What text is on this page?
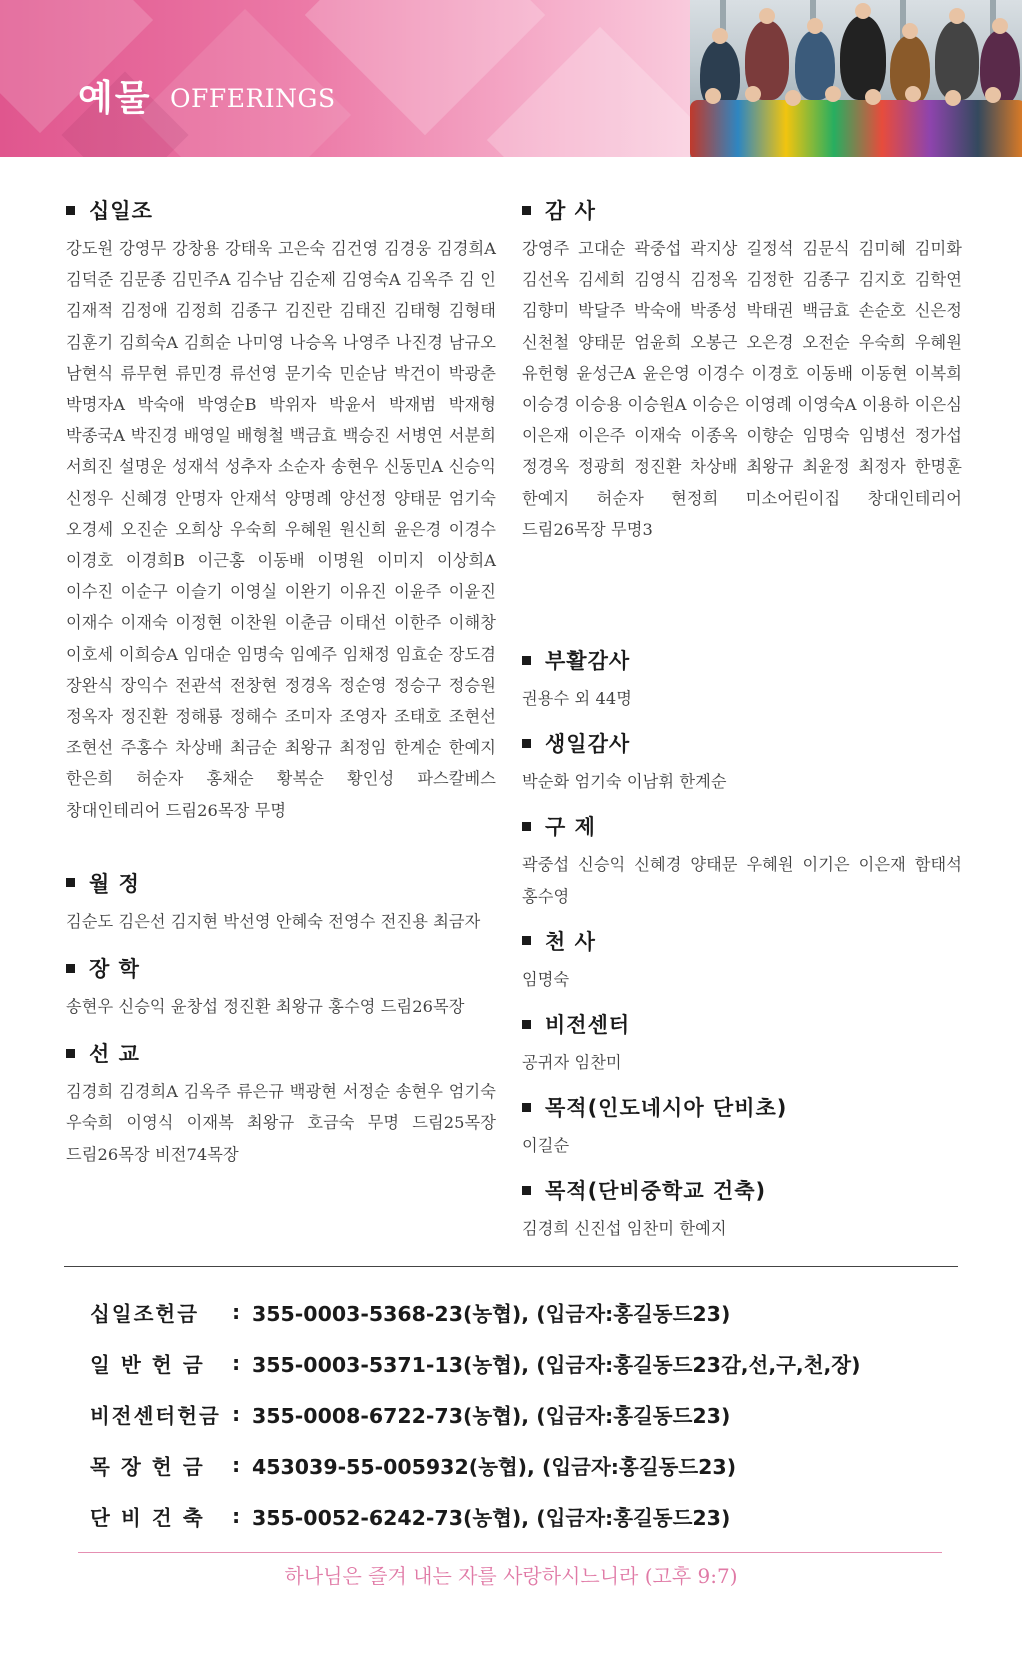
예물 OFFERINGS
십일조
강도원 강영무 강창용 강태욱 고은숙 김건영 김경웅 김경희A 김덕준 김문종 김민주A 김수남 김순제 김영숙A 김옥주 김 인 김재적 김정애 김정희 김종구 김진란 김태진 김태형 김형태 김훈기 김희숙A 김희순 나미영 나승옥 나영주 나진경 남규오 남현식 류무현 류민경 류선영 문기숙 민순남 박건이 박광춘 박명자A 박숙애 박영순B 박위자 박윤서 박재범 박재형 박종국A 박진경 배영일 배형철 백금효 백승진 서병연 서분희 서희진 설명운 성재석 성추자 소순자 송현우 신동민A 신승익 신정우 신혜경 안명자 안재석 양명례 양선정 양태문 엄기숙 오경세 오진순 오희상 우숙희 우혜원 원신희 윤은경 이경수 이경호 이경희B 이근홍 이동배 이명원 이미지 이상희A 이수진 이순구 이슬기 이영실 이완기 이유진 이윤주 이윤진 이재수 이재숙 이정현 이찬원 이춘금 이태선 이한주 이해창 이호세 이희승A 임대순 임명숙 임예주 임채정 임효순 장도겸 장완식 장익수 전관석 전창현 정경옥 정순영 정승구 정승원 정옥자 정진환 정해룡 정해수 조미자 조영자 조태호 조현선 조현선 주홍수 차상배 최금순 최왕규 최정임 한계순 한예지 한은희 허순자 홍채순 황복순 황인성 파스칼베스 창대인테리어 드림26목장 무명
월 정
김순도 김은선 김지현 박선영 안혜숙 전영수 전진용 최금자
장 학
송현우 신승익 윤창섭 정진환 최왕규 홍수영 드림26목장
선 교
김경희 김경희A 김옥주 류은규 백광현 서정순 송현우 엄기숙 우숙희 이영식 이재복 최왕규 호금숙 무명 드림25목장 드림26목장 비전74목장
감 사
강영주 고대순 곽중섭 곽지상 길정석 김문식 김미혜 김미화 김선옥 김세희 김영식 김정옥 김정한 김종구 김지호 김학연 김향미 박달주 박숙애 박종성 박태권 백금효 손순호 신은정 신천철 양태문 엄윤희 오봉근 오은경 오전순 우숙희 우혜원 유헌형 윤성근A 윤은영 이경수 이경호 이동배 이동현 이복희 이승경 이승용 이승원A 이승은 이영례 이영숙A 이용하 이은심 이은재 이은주 이재숙 이종옥 이향순 임명숙 임병선 정가섭 정경옥 정광희 정진환 차상배 최왕규 최윤정 최정자 한명훈 한예지 허순자 현정희 미소어린이집 창대인테리어 드림26목장 무명3
부활감사
권용수 외 44명
생일감사
박순화 엄기숙 이남휘 한계순
구 제
곽중섭 신승익 신혜경 양태문 우혜원 이기은 이은재 함태석 홍수영
천 사
임명숙
비전센터
공귀자 임찬미
목적(인도네시아 단비초)
이길순
목적(단비중학교 건축)
김경희 신진섭 임찬미 한예지
십일조헌금	: 355-0003-5368-23(농협), (입금자:홍길동드23)
일 반 헌 금	: 355-0003-5371-13(농협), (입금자:홍길동드23감,선,구,천,장)
비전센터헌금 : 355-0008-6722-73(농협), (입금자:홍길동드23)
목 장 헌 금	: 453039-55-005932(농협), (입금자:홍길동드23)
단 비 건 축	: 355-0052-6242-73(농협), (입금자:홍길동드23)
하나님은 즐겨 내는 자를 사랑하시느니라 (고후 9:7)
